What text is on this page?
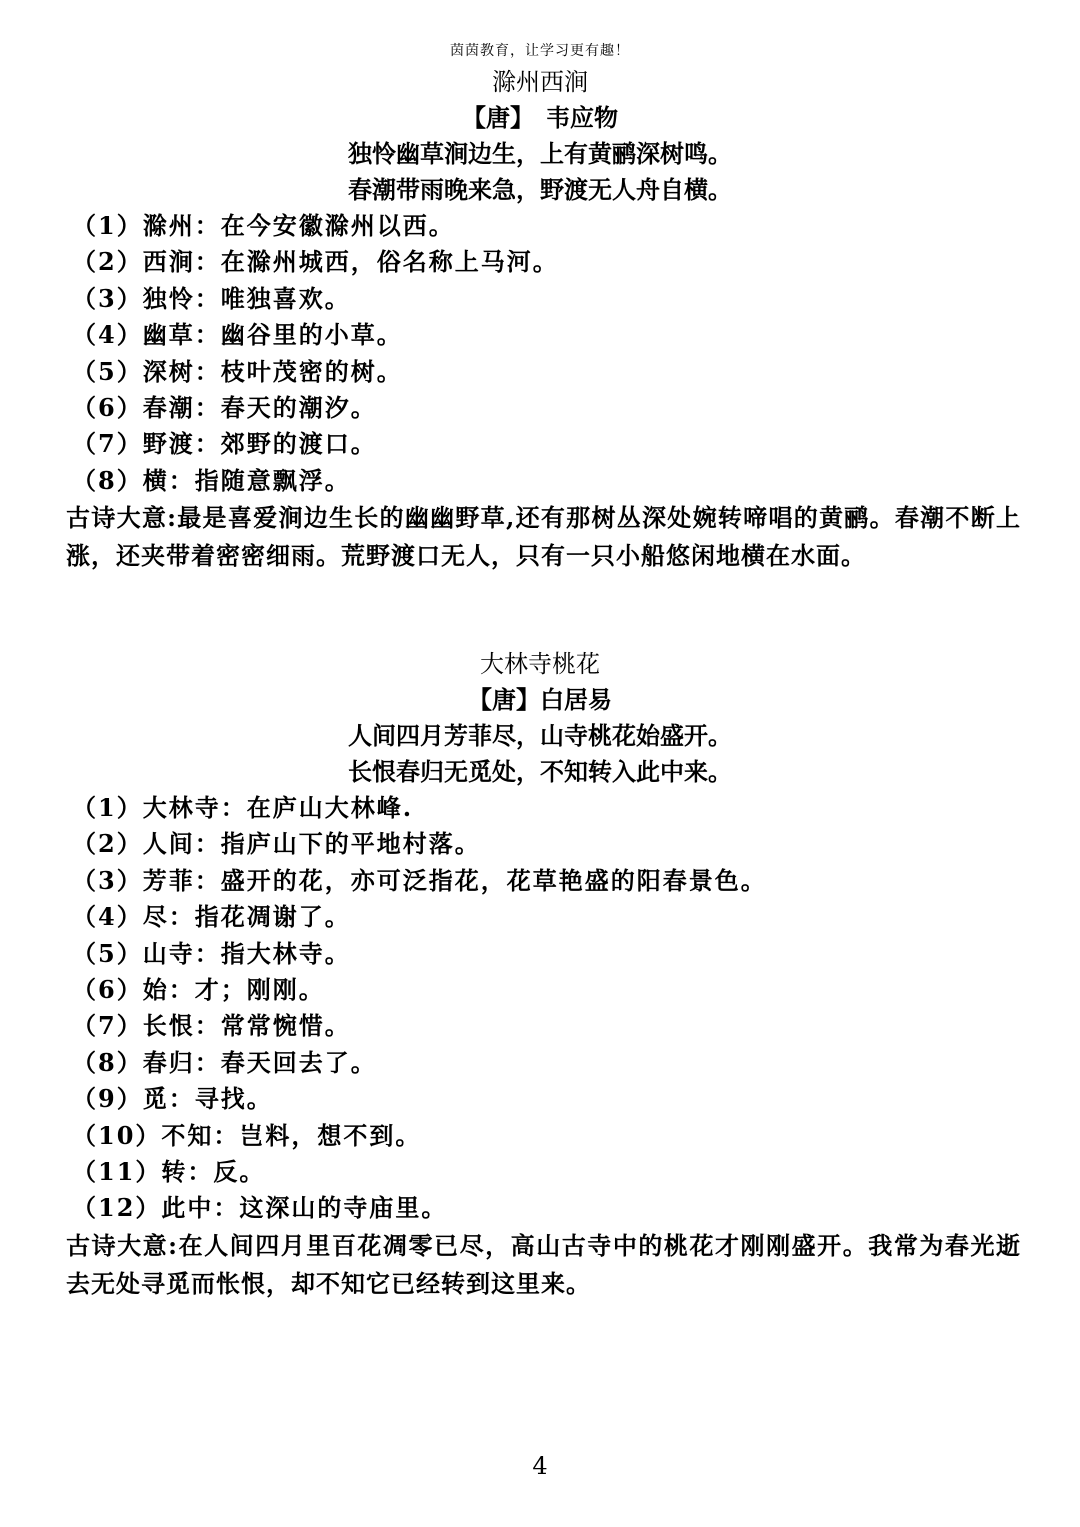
茵茵教育，让学习更有趣！
滁州西涧
【唐】　韦应物
独怜幽草涧边生，上有黄鹂深树鸣。
春潮带雨晚来急，野渡无人舟自横。
（1）滁州：在今安徽滁州以西。
（2）西涧：在滁州城西，俗名称上马河。
（3）独怜：唯独喜欢。
（4）幽草：幽谷里的小草。
（5）深树：枝叶茂密的树。
（6）春潮：春天的潮汐。
（7）野渡：郊野的渡口。
（8）横：指随意飘浮。

古诗大意:最是喜爱涧边生长的幽幽野草,还有那树丛深处婉转啼唱的黄鹂。春潮不断上涨，还夹带着密密细雨。荒野渡口无人，只有一只小船悠闲地横在水面。

大林寺桃花
【唐】白居易
人间四月芳菲尽，山寺桃花始盛开。
长恨春归无觅处，不知转入此中来。
（1）大林寺：在庐山大林峰.
（2）人间：指庐山下的平地村落。
（3）芳菲：盛开的花，亦可泛指花，花草艳盛的阳春景色。
（4）尽：指花凋谢了。
（5）山寺：指大林寺。
（6）始：才；刚刚。
（7）长恨：常常惋惜。
（8）春归：春天回去了。
（9）觅：寻找。
（10）不知：岂料，想不到。
（11）转：反。
（12）此中：这深山的寺庙里。

古诗大意:在人间四月里百花凋零已尽，高山古寺中的桃花才刚刚盛开。我常为春光逝去无处寻觅而怅恨，却不知它已经转到这里来。

4
